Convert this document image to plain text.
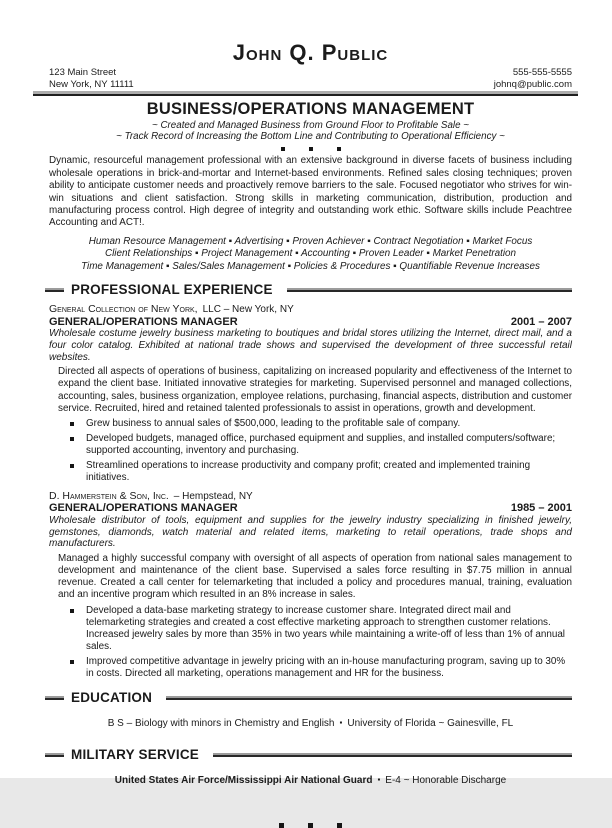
John Q. Public
123 Main Street
New York, NY 11111
555-555-5555
johnq@public.com
BUSINESS/OPERATIONS MANAGEMENT
~ Created and Managed Business from Ground Floor to Profitable Sale ~
~ Track Record of Increasing the Bottom Line and Contributing to Operational Efficiency ~
Dynamic, resourceful management professional with an extensive background in diverse facets of business including wholesale operations in brick-and-mortar and Internet-based environments. Refined sales closing techniques; proven ability to anticipate customer needs and proactively remove barriers to the sale. Focused negotiator who strives for win-win situations and client satisfaction. Strong skills in marketing communication, distribution, production and manufacturing process control. High degree of integrity and outstanding work ethic. Software skills include Peachtree Accounting and ACT!.
Human Resource Management ▪ Advertising ▪ Proven Achiever ▪ Contract Negotiation ▪ Market Focus
Client Relationships ▪ Project Management ▪ Accounting ▪ Proven Leader ▪ Market Penetration
Time Management ▪ Sales/Sales Management ▪ Policies & Procedures ▪ Quantifiable Revenue Increases
PROFESSIONAL EXPERIENCE
General Collection of New York, LLC – New York, NY
GENERAL/OPERATIONS MANAGER	2001 – 2007
Wholesale costume jewelry business marketing to boutiques and bridal stores utilizing the Internet, direct mail, and a four color catalog. Exhibited at national trade shows and supervised the development of three successful retail websites.
Directed all aspects of operations of business, capitalizing on increased popularity and effectiveness of the Internet to expand the client base. Initiated innovative strategies for marketing. Supervised personnel and managed collections, accounting, sales, business organization, employee relations, purchasing, financial aspects, distribution and customer service. Recruited, hired and retained talented professionals to assist in operations, growth and development.
Grew business to annual sales of $500,000, leading to the profitable sale of company.
Developed budgets, managed office, purchased equipment and supplies, and installed computers/software; supported accounting, inventory and purchasing.
Streamlined operations to increase productivity and company profit; created and implemented training initiatives.
D. Hammerstein & Son, Inc. – Hempstead, NY
GENERAL/OPERATIONS MANAGER	1985 – 2001
Wholesale distributor of tools, equipment and supplies for the jewelry industry specializing in finished jewelry, gemstones, diamonds, watch material and related items, marketing to retail operations, trade shops and manufacturers.
Managed a highly successful company with oversight of all aspects of operation from national sales management to development and maintenance of the client base. Supervised a sales force resulting in $7.75 million in annual revenue. Created a call center for telemarketing that included a policy and procedures manual, training, evaluation and an incentive program which resulted in an 8% increase in sales.
Developed a data-base marketing strategy to increase customer share. Integrated direct mail and telemarketing strategies and created a cost effective marketing approach to strengthen customer relations. Increased jewelry sales by more than 35% in two years while maintaining a write-off of less than 1% of annual sales.
Improved competitive advantage in jewelry pricing with an in-house manufacturing program, saving up to 30% in costs. Directed all marketing, operations management and HR for the business.
EDUCATION
B S – Biology with minors in Chemistry and English ▪ University of Florida ~ Gainesville, FL
MILITARY SERVICE
United States Air Force/Mississippi Air National Guard ▪ E-4 ~ Honorable Discharge
